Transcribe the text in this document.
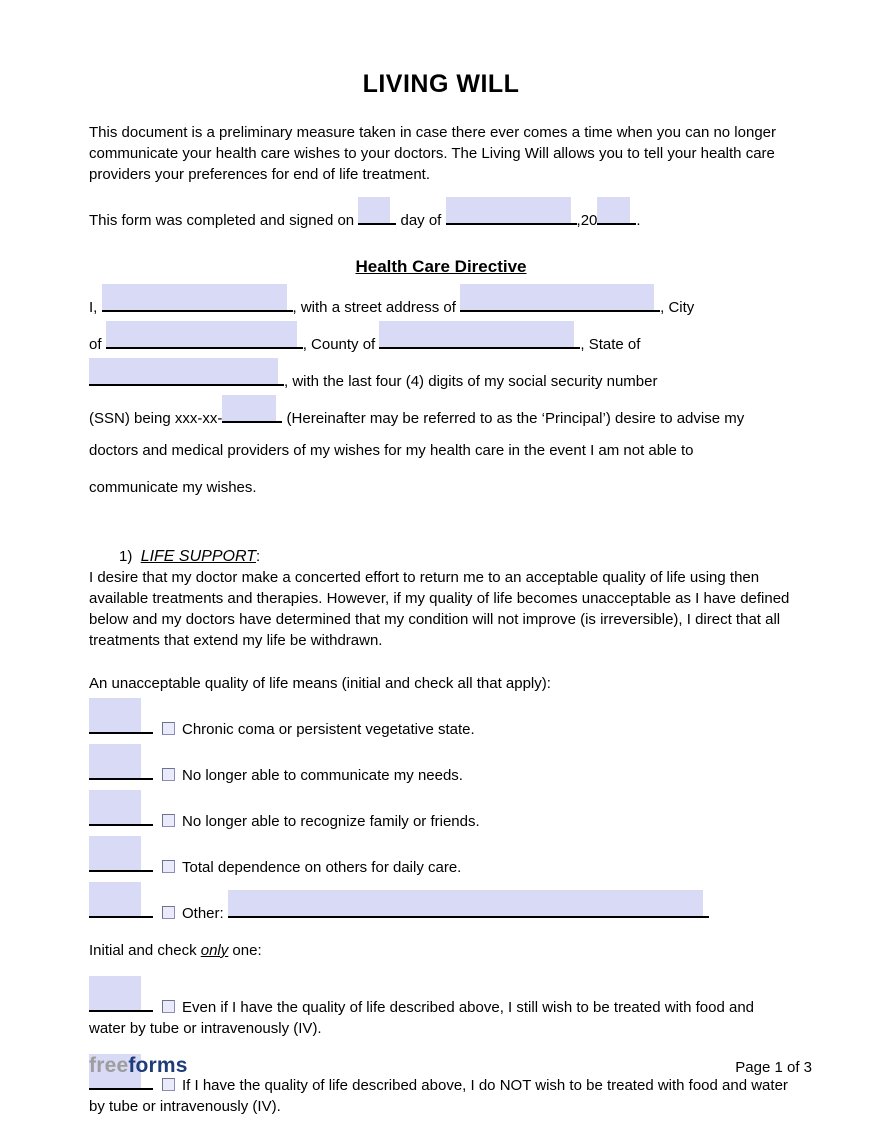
LIVING WILL

This document is a preliminary measure taken in case there ever comes a time when you can no longer communicate your health care wishes to your doctors. The Living Will allows you to tell your health care providers your preferences for end of life treatment.

This form was completed and signed on	day of	,20	.
Health Care Directive
I,	, with a street address of	, City
of	, County of	, State of
, with the last four (4) digits of my social security number
(SSN) being xxx-xx-	(Hereinafter may be referred to as the ‘Principal’) desire to advise my
doctors and medical providers of my wishes for my health care in the event I am not able to
communicate my wishes.
1) LIFE SUPPORT:

I desire that my doctor make a concerted effort to return me to an acceptable quality of life using then available treatments and therapies. However, if my quality of life becomes unacceptable as I have defined below and my doctors have determined that my condition will not improve (is irreversible), I direct that all treatments that extend my life be withdrawn.

An unacceptable quality of life means (initial and check all that apply):

Chronic coma or persistent vegetative state.
No longer able to communicate my needs.
No longer able to recognize family or friends.
Total dependence on others for daily care.
Other:

Initial and check only one:

Even if I have the quality of life described above, I still wish to be treated with food and water by tube or intravenously (IV).
If I have the quality of life described above, I do NOT wish to be treated with food and water by tube or intravenously (IV).
freeforms	Page 1 of 3
